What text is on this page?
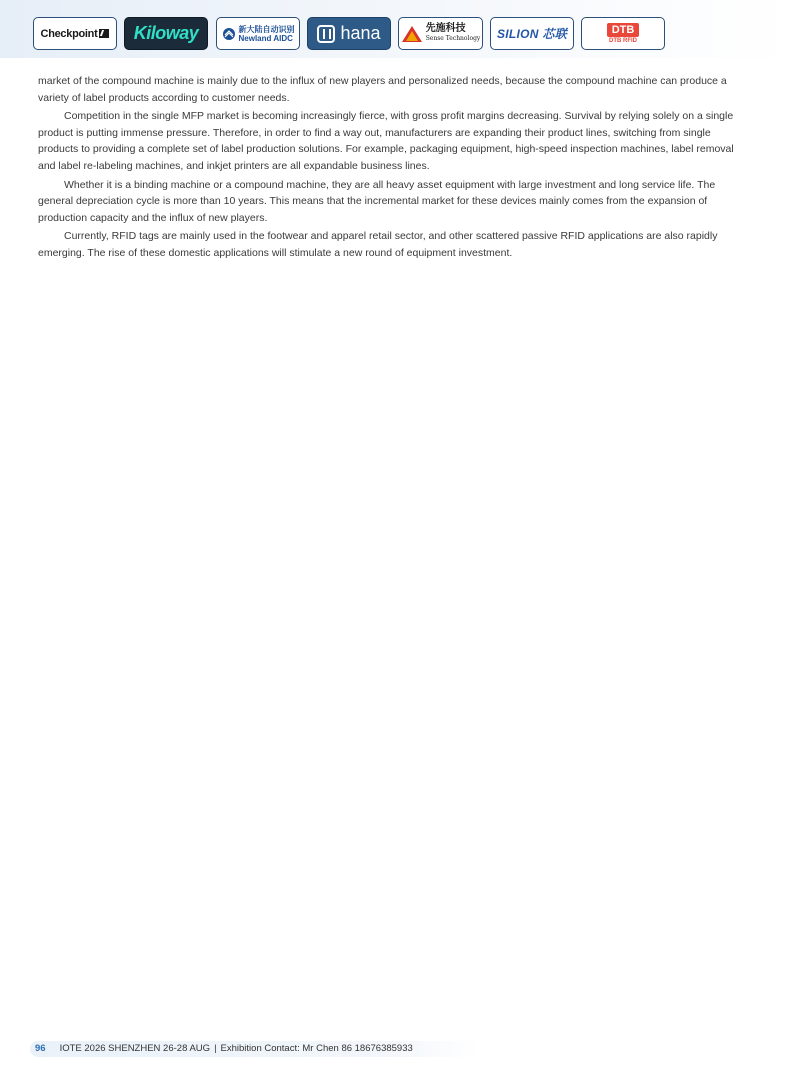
Checkpoint Kiloway	新大陆自动识别
Newland AIDC	hana	先施科技
Sense Technology SILION 芯联	DTB
DTB RFID

market of the compound machine is mainly due to the influx of new players and personalized needs, because the compound machine can produce a variety of label products according to customer needs.

Competition in the single MFP market is becoming increasingly fierce, with gross profit margins decreasing. Survival by relying solely on a single product is putting immense pressure. Therefore, in order to find a way out, manufacturers are expanding their product lines, switching from single products to providing a complete set of label production solutions. For example, packaging equipment, high-speed inspection machines, label removal and label re-labeling machines, and inkjet printers are all expandable business lines.

Whether it is a binding machine or a compound machine, they are all heavy asset equipment with large investment and long service life. The general depreciation cycle is more than 10 years. This means that the incremental market for these devices mainly comes from the expansion of production capacity and the influx of new players.

Currently, RFID tags are mainly used in the footwear and apparel retail sector, and other scattered passive RFID applications are also rapidly emerging. The rise of these domestic applications will stimulate a new round of equipment investment.

96 IOTE 2026 SHENZHEN 26-28 AUG | Exhibition Contact: Mr Chen 86 18676385933
